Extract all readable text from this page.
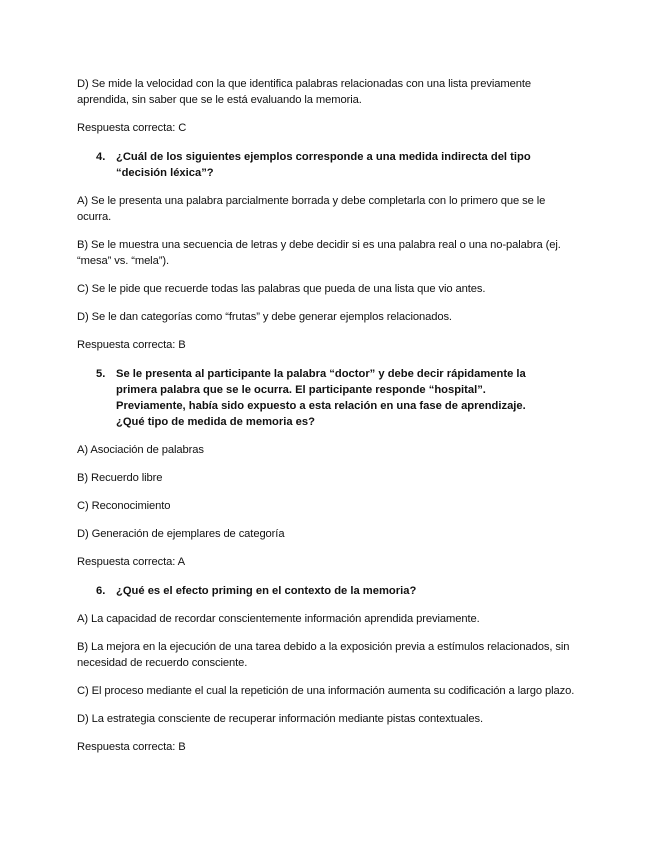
D) Se mide la velocidad con la que identifica palabras relacionadas con una lista previamente aprendida, sin saber que se le está evaluando la memoria.

Respuesta correcta: C

4. ¿Cuál de los siguientes ejemplos corresponde a una medida indirecta del tipo “decisión léxica”?

A) Se le presenta una palabra parcialmente borrada y debe completarla con lo primero que se le ocurra.

B) Se le muestra una secuencia de letras y debe decidir si es una palabra real o una no-palabra (ej. “mesa” vs. “mela”).

C) Se le pide que recuerde todas las palabras que pueda de una lista que vio antes.

D) Se le dan categorías como “frutas” y debe generar ejemplos relacionados.

Respuesta correcta: B

5. Se le presenta al participante la palabra “doctor” y debe decir rápidamente la primera palabra que se le ocurra. El participante responde “hospital”. Previamente, había sido expuesto a esta relación en una fase de aprendizaje. ¿Qué tipo de medida de memoria es?

A) Asociación de palabras

B) Recuerdo libre

C) Reconocimiento

D) Generación de ejemplares de categoría

Respuesta correcta: A

6. ¿Qué es el efecto priming en el contexto de la memoria?

A) La capacidad de recordar conscientemente información aprendida previamente.

B) La mejora en la ejecución de una tarea debido a la exposición previa a estímulos relacionados, sin necesidad de recuerdo consciente.

C) El proceso mediante el cual la repetición de una información aumenta su codificación a largo plazo.

D) La estrategia consciente de recuperar información mediante pistas contextuales.

Respuesta correcta: B
